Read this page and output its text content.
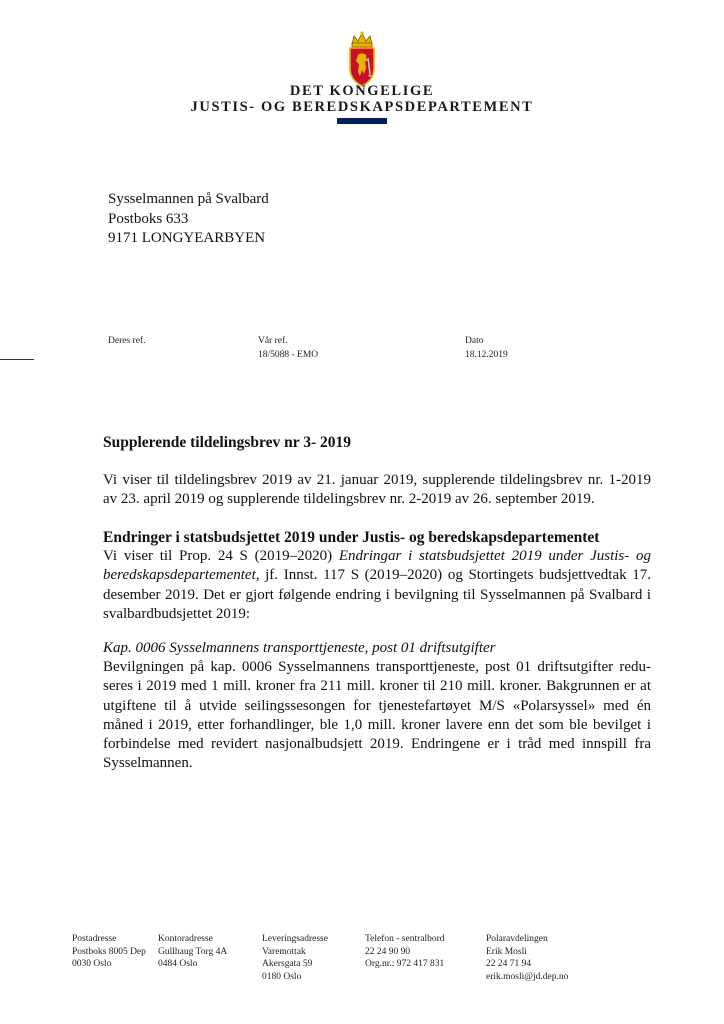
DET KONGELIGE
JUSTIS- OG BEREDSKAPSDEPARTEMENT
Sysselmannen på Svalbard
Postboks 633
9171 LONGYEARBYEN
Deres ref.	Vår ref.
18/5088 - EMO
Dato
18.12.2019
Supplerende tildelingsbrev nr 3- 2019
Vi viser til tildelingsbrev 2019 av 21. januar 2019, supplerende tildelingsbrev nr. 1-2019 av 23. april 2019 og supplerende tildelingsbrev nr. 2-2019 av 26. september 2019.
Endringer i statsbudsjettet 2019 under Justis- og beredskapsdepartementet
Vi viser til Prop. 24 S (2019–2020) Endringar i statsbudsjettet 2019 under Justis- og beredskapsdepartementet, jf. Innst. 117 S (2019–2020) og Stortingets budsjettvedtak 17. desember 2019. Det er gjort følgende endring i bevilgning til Sysselmannen på Svalbard i svalbardbudsjettet 2019:
Kap. 0006 Sysselmannens transporttjeneste, post 01 driftsutgifter
Bevilgningen på kap. 0006 Sysselmannens transporttjeneste, post 01 driftsutgifter reduseres i 2019 med 1 mill. kroner fra 211 mill. kroner til 210 mill. kroner. Bakgrunnen er at utgiftene til å utvide seilingssesongen for tjenestefartøyet M/S «Polarsyssel» med én måned i 2019, etter forhandlinger, ble 1,0 mill. kroner lavere enn det som ble bevilget i forbindelse med revidert nasjonalbudsjett 2019. Endringene er i tråd med innspill fra Sysselmannen.
Postadresse
Postboks 8005 Dep
0030 Oslo
Kontoradresse
Gullhaug Torg 4A
0484 Oslo
Leveringsadresse
Varemottak
Akersgata 59
0180 Oslo
Telefon - sentralbord
22 24 90 90
Org.nr.: 972 417 831
Polaravdelingen
Erik Mosli
22 24 71 94
erik.mosli@jd.dep.no
